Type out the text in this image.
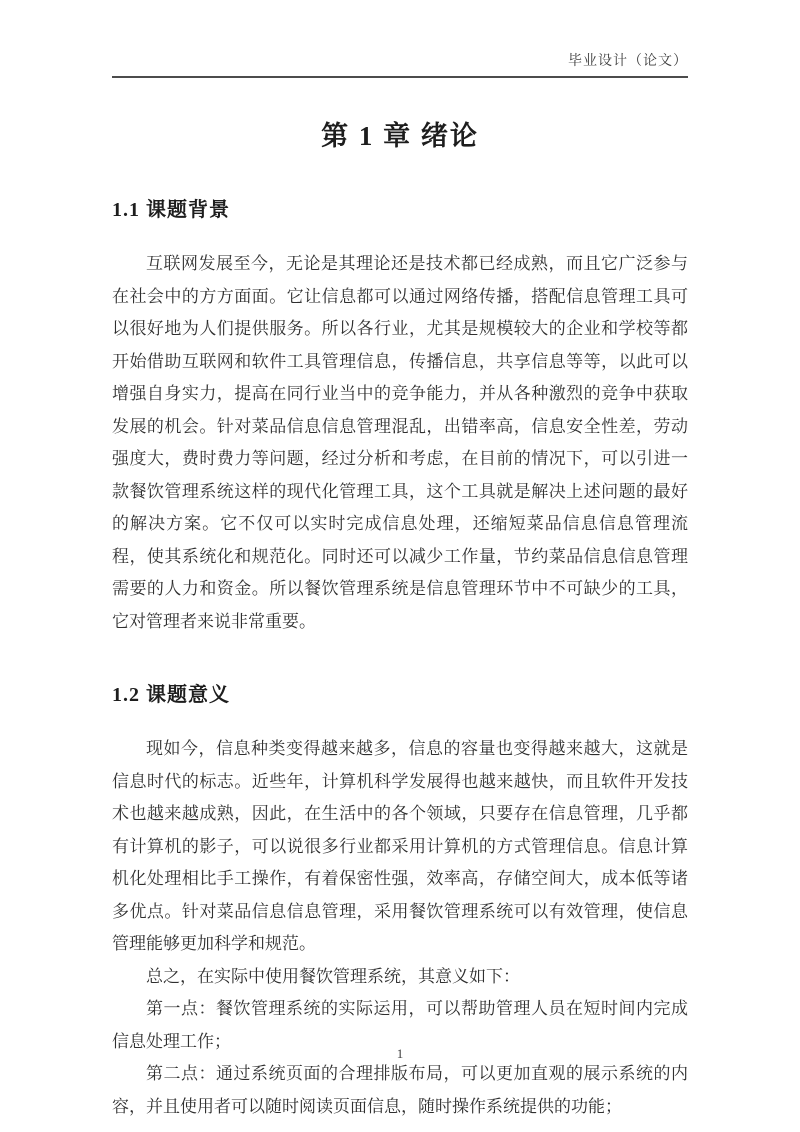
毕业设计（论文）
第 1 章 绪论
1.1 课题背景

互联网发展至今，无论是其理论还是技术都已经成熟，而且它广泛参与在社会中的方方面面。它让信息都可以通过网络传播，搭配信息管理工具可以很好地为人们提供服务。所以各行业，尤其是规模较大的企业和学校等都开始借助互联网和软件工具管理信息，传播信息，共享信息等等，以此可以增强自身实力，提高在同行业当中的竞争能力，并从各种激烈的竞争中获取发展的机会。针对菜品信息信息管理混乱，出错率高，信息安全性差，劳动强度大，费时费力等问题，经过分析和考虑，在目前的情况下，可以引进一款餐饮管理系统这样的现代化管理工具，这个工具就是解决上述问题的最好的解决方案。它不仅可以实时完成信息处理，还缩短菜品信息信息管理流程，使其系统化和规范化。同时还可以减少工作量，节约菜品信息信息管理需要的人力和资金。所以餐饮管理系统是信息管理环节中不可缺少的工具，它对管理者来说非常重要。

1.2 课题意义

现如今，信息种类变得越来越多，信息的容量也变得越来越大，这就是信息时代的标志。近些年，计算机科学发展得也越来越快，而且软件开发技术也越来越成熟，因此，在生活中的各个领域，只要存在信息管理，几乎都有计算机的影子，可以说很多行业都采用计算机的方式管理信息。信息计算机化处理相比手工操作，有着保密性强，效率高，存储空间大，成本低等诸多优点。针对菜品信息信息管理，采用餐饮管理系统可以有效管理，使信息管理能够更加科学和规范。

总之，在实际中使用餐饮管理系统，其意义如下：

第一点：餐饮管理系统的实际运用，可以帮助管理人员在短时间内完成信息处理工作；

第二点：通过系统页面的合理排版布局，可以更加直观的展示系统的内容，并且使用者可以随时阅读页面信息，随时操作系统提供的功能；

1
